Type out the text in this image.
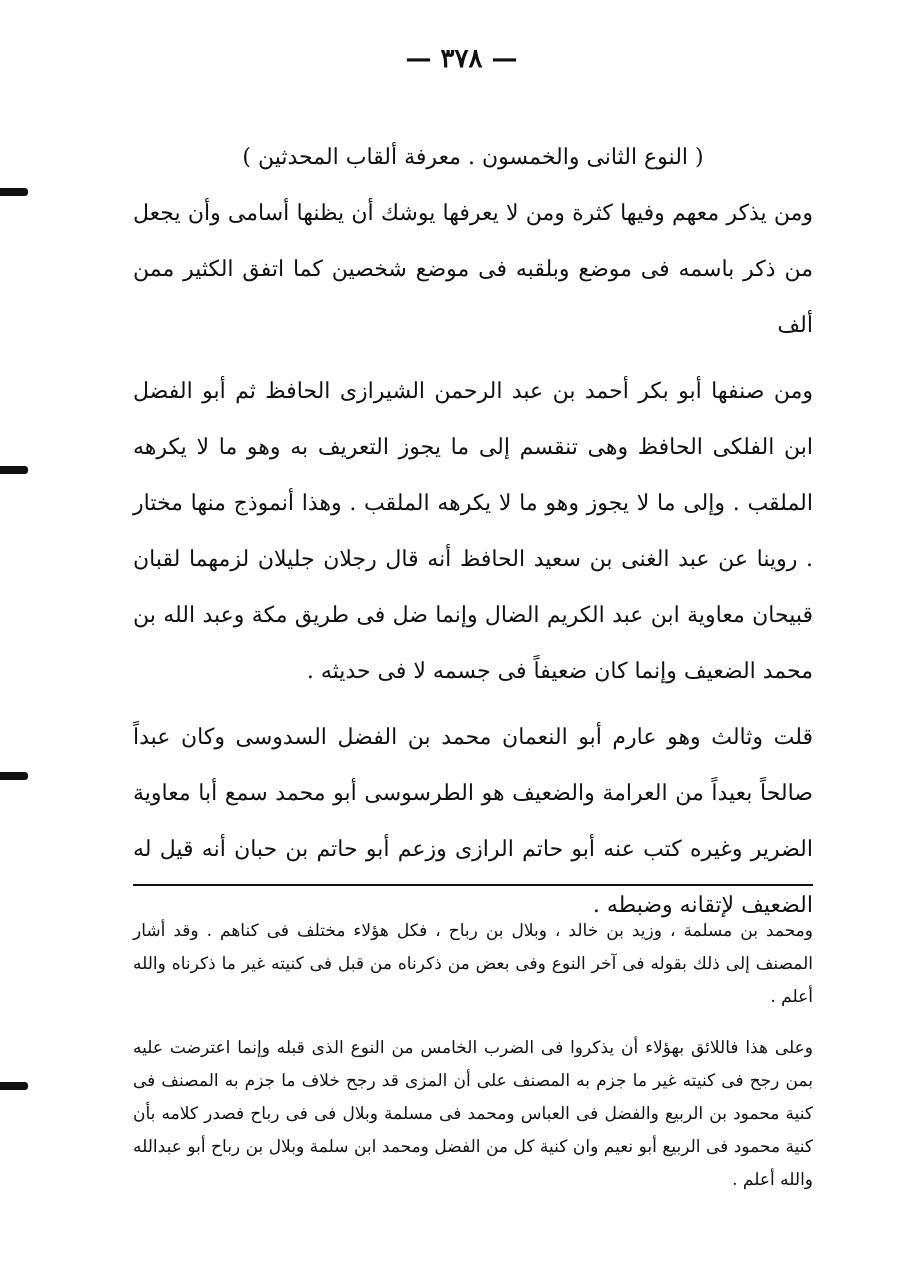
— ٣٧٨ —

( النوع الثانى والخمسون . معرفة ألقاب المحدثين )

ومن يذكر معهم وفيها كثرة ومن لا يعرفها يوشك أن يظنها أسامى وأن يجعل من ذكر باسمه فى موضع وبلقبه فى موضع شخصين كما اتفق الكثير ممن ألف

ومن صنفها أبو بكر أحمد بن عبد الرحمن الشيرازى الحافظ ثم أبو الفضل ابن الفلكى الحافظ وهى تنقسم إلى ما يجوز التعريف به وهو ما لا يكرهه الملقب . وإلى ما لا يجوز وهو ما لا يكرهه الملقب . وهذا أنموذج منها مختار . روينا عن عبد الغنى بن سعيد الحافظ أنه قال رجلان جليلان لزمهما لقبان قبيحان معاوية ابن عبد الكريم الضال وإنما ضل فى طريق مكة وعبد الله بن محمد الضعيف وإنما كان ضعيفاً فى جسمه لا فى حديثه .

قلت وثالث وهو عارم أبو النعمان محمد بن الفضل السدوسى وكان عبداً صالحاً بعيداً من العرامة والضعيف هو الطرسوسى أبو محمد سمع أبا معاوية الضرير وغيره كتب عنه أبو حاتم الرازى وزعم أبو حاتم بن حبان أنه قيل له الضعيف لإتقانه وضبطه .

ومحمد بن مسلمة ، وزيد بن خالد ، وبلال بن رباح ، فكل هؤلاء مختلف فى كناهم . وقد أشار المصنف إلى ذلك بقوله فى آخر النوع وفى بعض من ذكرناه من قبل فى كنيته غير ما ذكرناه والله أعلم .

وعلى هذا فاللائق بهؤلاء أن يذكروا فى الضرب الخامس من النوع الذى قبله وإنما اعترضت عليه بمن رجح فى كنيته غير ما جزم به المصنف على أن المزى قد رجح خلاف ما جزم به المصنف فى كنية محمود بن الربيع والفضل فى العباس ومحمد فى مسلمة وبلال فى فى رباح فصدر كلامه بأن كنية محمود فى الربيع أبو نعيم وان كنية كل من الفضل ومحمد ابن سلمة وبلال بن رباح أبو عبدالله والله أعلم .
